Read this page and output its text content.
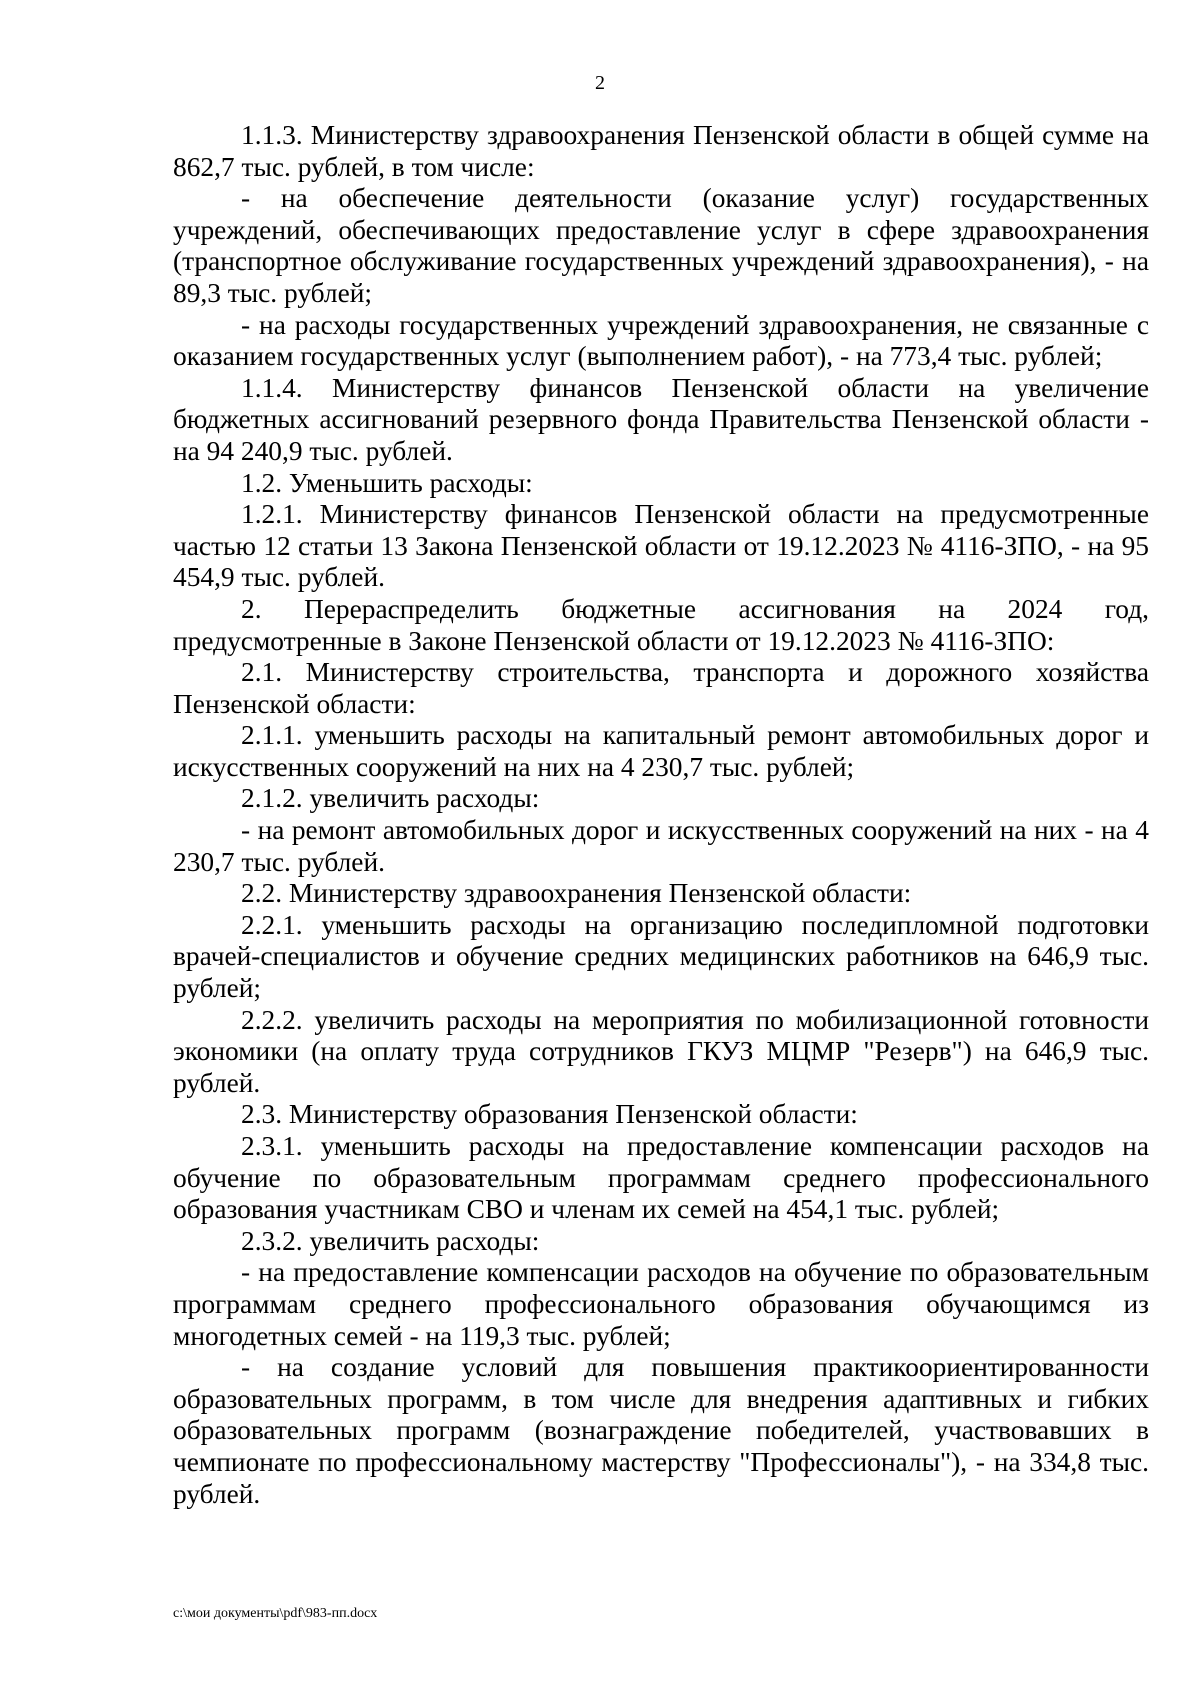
2

1.1.3. Министерству здравоохранения Пензенской области в общей сумме на 862,7 тыс. рублей, в том числе:

- на обеспечение деятельности (оказание услуг) государственных учреждений, обеспечивающих предоставление услуг в сфере здравоохранения (транспортное обслуживание государственных учреждений здравоохранения), - на 89,3 тыс. рублей;

- на расходы государственных учреждений здравоохранения, не связанные с оказанием государственных услуг (выполнением работ), - на 773,4 тыс. рублей;

1.1.4. Министерству финансов Пензенской области на увеличение бюджетных ассигнований резервного фонда Правительства Пензенской области - на 94 240,9 тыс. рублей.

1.2. Уменьшить расходы:

1.2.1. Министерству финансов Пензенской области на предусмотренные частью 12 статьи 13 Закона Пензенской области от 19.12.2023 № 4116-ЗПО, - на 95 454,9 тыс. рублей.

2. Перераспределить бюджетные ассигнования на 2024 год, предусмотренные в Законе Пензенской области от 19.12.2023 № 4116-ЗПО:

2.1. Министерству строительства, транспорта и дорожного хозяйства Пензенской области:

2.1.1. уменьшить расходы на капитальный ремонт автомобильных дорог и искусственных сооружений на них на 4 230,7 тыс. рублей;

2.1.2. увеличить расходы:

- на ремонт автомобильных дорог и искусственных сооружений на них - на 4 230,7 тыс. рублей.

2.2. Министерству здравоохранения Пензенской области:

2.2.1. уменьшить расходы на организацию последипломной подготовки врачей-специалистов и обучение средних медицинских работников на 646,9 тыс. рублей;

2.2.2. увеличить расходы на мероприятия по мобилизационной готовности экономики (на оплату труда сотрудников ГКУЗ МЦМР "Резерв") на 646,9 тыс. рублей.

2.3. Министерству образования Пензенской области:

2.3.1. уменьшить расходы на предоставление компенсации расходов на обучение по образовательным программам среднего профессионального образования участникам СВО и членам их семей на 454,1 тыс. рублей;

2.3.2. увеличить расходы:

- на предоставление компенсации расходов на обучение по образовательным программам среднего профессионального образования обучающимся из многодетных семей - на 119,3 тыс. рублей;

- на создание условий для повышения практикоориентированности образовательных программ, в том числе для внедрения адаптивных и гибких образовательных программ (вознаграждение победителей, участвовавших в чемпионате по профессиональному мастерству "Профессионалы"), - на 334,8 тыс. рублей.

c:\мои документы\pdf\983-пп.docx
